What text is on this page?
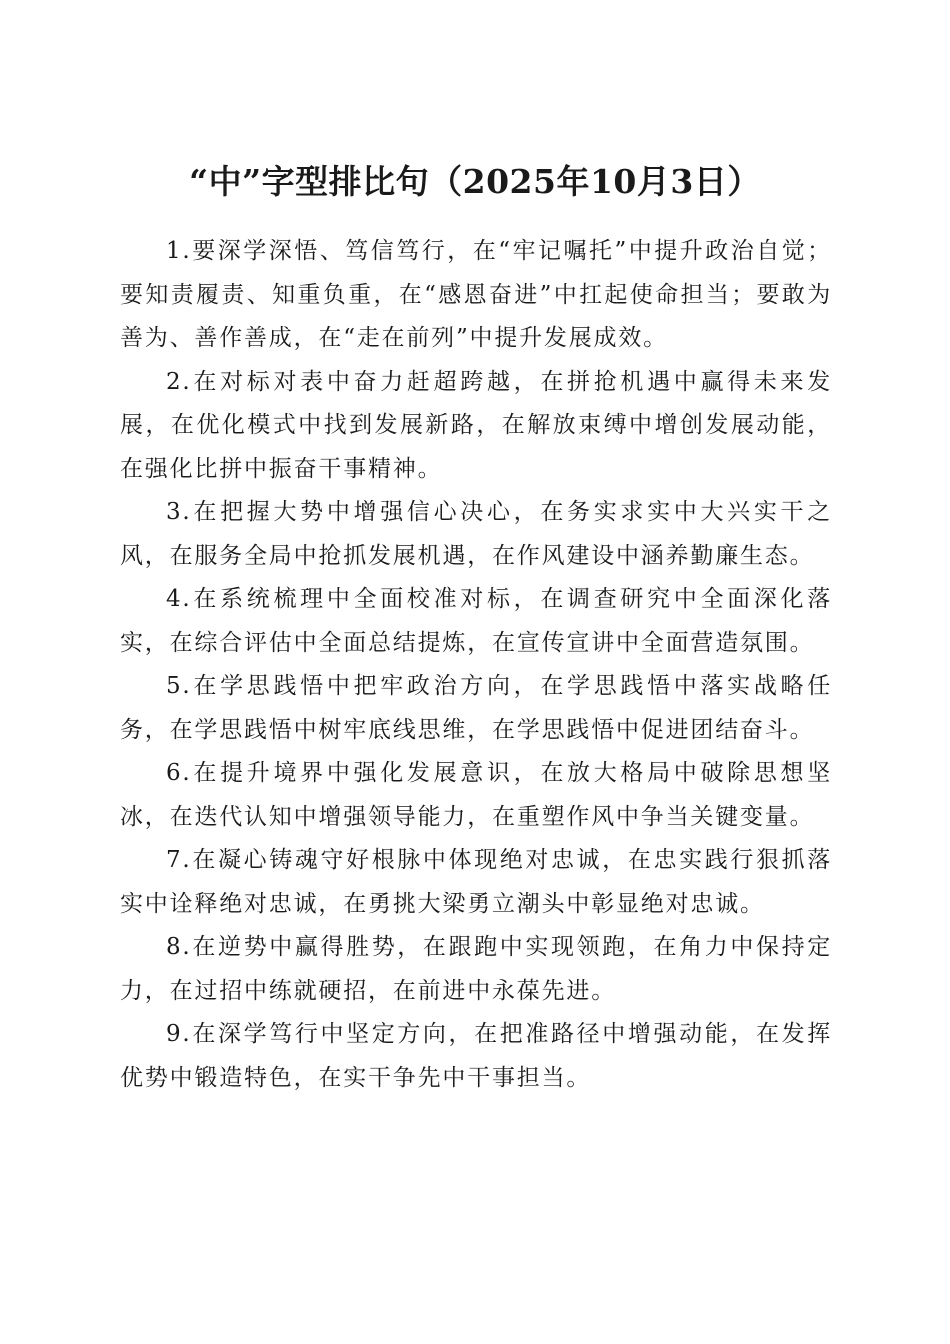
“中”字型排比句（2025年10月3日）

1.要深学深悟、笃信笃行，在“牢记嘱托”中提升政治自觉；要知责履责、知重负重，在“感恩奋进”中扛起使命担当；要敢为善为、善作善成，在“走在前列”中提升发展成效。

2.在对标对表中奋力赶超跨越，在拼抢机遇中赢得未来发展，在优化模式中找到发展新路，在解放束缚中增创发展动能，在强化比拼中振奋干事精神。

3.在把握大势中增强信心决心，在务实求实中大兴实干之风，在服务全局中抢抓发展机遇，在作风建设中涵养勤廉生态。

4.在系统梳理中全面校准对标，在调查研究中全面深化落实，在综合评估中全面总结提炼，在宣传宣讲中全面营造氛围。

5.在学思践悟中把牢政治方向，在学思践悟中落实战略任务，在学思践悟中树牢底线思维，在学思践悟中促进团结奋斗。

6.在提升境界中强化发展意识，在放大格局中破除思想坚冰，在迭代认知中增强领导能力，在重塑作风中争当关键变量。

7.在凝心铸魂守好根脉中体现绝对忠诚，在忠实践行狠抓落实中诠释绝对忠诚，在勇挑大梁勇立潮头中彰显绝对忠诚。

8.在逆势中赢得胜势，在跟跑中实现领跑，在角力中保持定力，在过招中练就硬招，在前进中永葆先进。

9.在深学笃行中坚定方向，在把准路径中增强动能，在发挥优势中锻造特色，在实干争先中干事担当。
